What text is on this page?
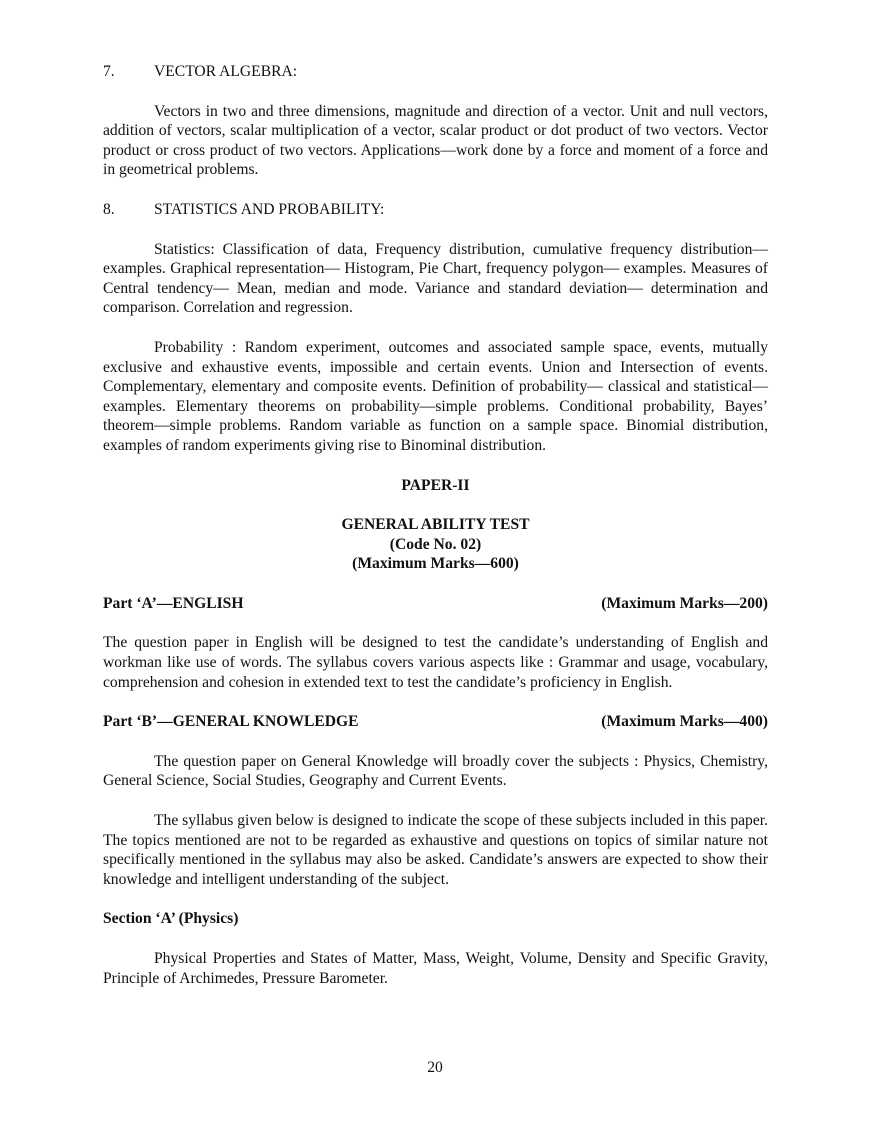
7.	VECTOR ALGEBRA:

Vectors in two and three dimensions, magnitude and direction of a vector. Unit and null vectors, addition of vectors, scalar multiplication of a vector, scalar product or dot product of two vectors. Vector product or cross product of two vectors. Applications—work done by a force and moment of a force and in geometrical problems.

8.	STATISTICS AND PROBABILITY:

Statistics: Classification of data, Frequency distribution, cumulative frequency distribution— examples. Graphical representation— Histogram, Pie Chart, frequency polygon— examples. Measures of Central tendency— Mean, median and mode. Variance and standard deviation— determination and comparison. Correlation and regression.

Probability : Random experiment, outcomes and associated sample space, events, mutually exclusive and exhaustive events, impossible and certain events. Union and Intersection of events. Complementary, elementary and composite events. Definition of probability— classical and statistical—examples. Elementary theorems on probability—simple problems. Conditional probability, Bayes’ theorem—simple problems. Random variable as function on a sample space. Binomial distribution, examples of random experiments giving rise to Binominal distribution.

PAPER-II
GENERAL ABILITY TEST
(Code No. 02)
(Maximum Marks—600)
Part ‘A’—ENGLISH	(Maximum Marks—200)

The question paper in English will be designed to test the candidate’s understanding of English and workman like use of words. The syllabus covers various aspects like : Grammar and usage, vocabulary, comprehension and cohesion in extended text to test the candidate’s proficiency in English.

Part ‘B’—GENERAL KNOWLEDGE	(Maximum Marks—400)

The question paper on General Knowledge will broadly cover the subjects : Physics, Chemistry, General Science, Social Studies, Geography and Current Events.

The syllabus given below is designed to indicate the scope of these subjects included in this paper. The topics mentioned are not to be regarded as exhaustive and questions on topics of similar nature not specifically mentioned in the syllabus may also be asked. Candidate’s answers are expected to show their knowledge and intelligent understanding of the subject.

Section ‘A’ (Physics)

Physical Properties and States of Matter, Mass, Weight, Volume, Density and Specific Gravity, Principle of Archimedes, Pressure Barometer.

20
